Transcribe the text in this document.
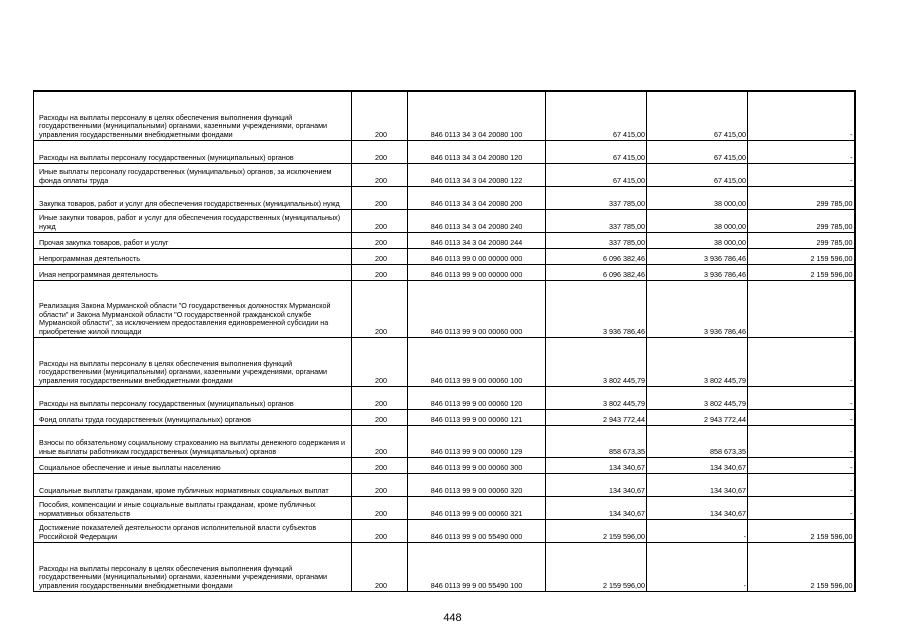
Расходы на выплаты персоналу в целях обеспечения выполнения функций государственными (муниципальными) органами, казенными учреждениями, органами управления государственными внебюджетными фондами	200	846 0113 34 3 04 20080 100	67 415,00	67 415,00	-
Расходы на выплаты персоналу государственных (муниципальных) органов	200	846 0113 34 3 04 20080 120	67 415,00	67 415,00	-
Иные выплаты персоналу государственных (муниципальных) органов, за исключением фонда оплаты труда	200	846 0113 34 3 04 20080 122	67 415,00	67 415,00	-
Закупка товаров, работ и услуг для обеспечения государственных (муниципальных) нужд	200	846 0113 34 3 04 20080 200	337 785,00	38 000,00	299 785,00
Иные закупки товаров, работ и услуг для обеспечения государственных (муниципальных) нужд	200	846 0113 34 3 04 20080 240	337 785,00	38 000,00	299 785,00
Прочая закупка товаров, работ и услуг	200	846 0113 34 3 04 20080 244	337 785,00	38 000,00	299 785,00
Непрограммная деятельность	200	846 0113 99 0 00 00000 000	6 096 382,46	3 936 786,46	2 159 596,00
Иная непрограммная деятельность	200	846 0113 99 9 00 00000 000	6 096 382,46	3 936 786,46	2 159 596,00
Реализация Закона Мурманской области "О государственных должностях Мурманской области" и Закона Мурманской области "О государственной гражданской службе Мурманской области", за исключением предоставления единовременной субсидии на приобретение жилой площади	200	846 0113 99 9 00 00060 000	3 936 786,46	3 936 786,46	-
Расходы на выплаты персоналу в целях обеспечения выполнения функций государственными (муниципальными) органами, казенными учреждениями, органами управления государственными внебюджетными фондами	200	846 0113 99 9 00 00060 100	3 802 445,79	3 802 445,79	-
Расходы на выплаты персоналу государственных (муниципальных) органов	200	846 0113 99 9 00 00060 120	3 802 445,79	3 802 445,79	-
Фонд оплаты труда государственных (муниципальных) органов	200	846 0113 99 9 00 00060 121	2 943 772,44	2 943 772,44	-
Взносы по обязательному социальному страхованию на выплаты денежного содержания и иные выплаты работникам государственных (муниципальных) органов	200	846 0113 99 9 00 00060 129	858 673,35	858 673,35	-
Социальное обеспечение и иные выплаты населению	200	846 0113 99 9 00 00060 300	134 340,67	134 340,67	-
Социальные выплаты гражданам, кроме публичных нормативных социальных выплат	200	846 0113 99 9 00 00060 320	134 340,67	134 340,67	-
Пособия, компенсации и иные социальные выплаты гражданам, кроме публичных нормативных обязательств	200	846 0113 99 9 00 00060 321	134 340,67	134 340,67	-
Достижение показателей деятельности органов исполнительной власти субъектов Российской Федерации	200	846 0113 99 9 00 55490 000	2 159 596,00	-	2 159 596,00
Расходы на выплаты персоналу в целях обеспечения выполнения функций государственными (муниципальными) органами, казенными учреждениями, органами управления государственными внебюджетными фондами	200	846 0113 99 9 00 55490 100	2 159 596,00	-	2 159 596,00
448
